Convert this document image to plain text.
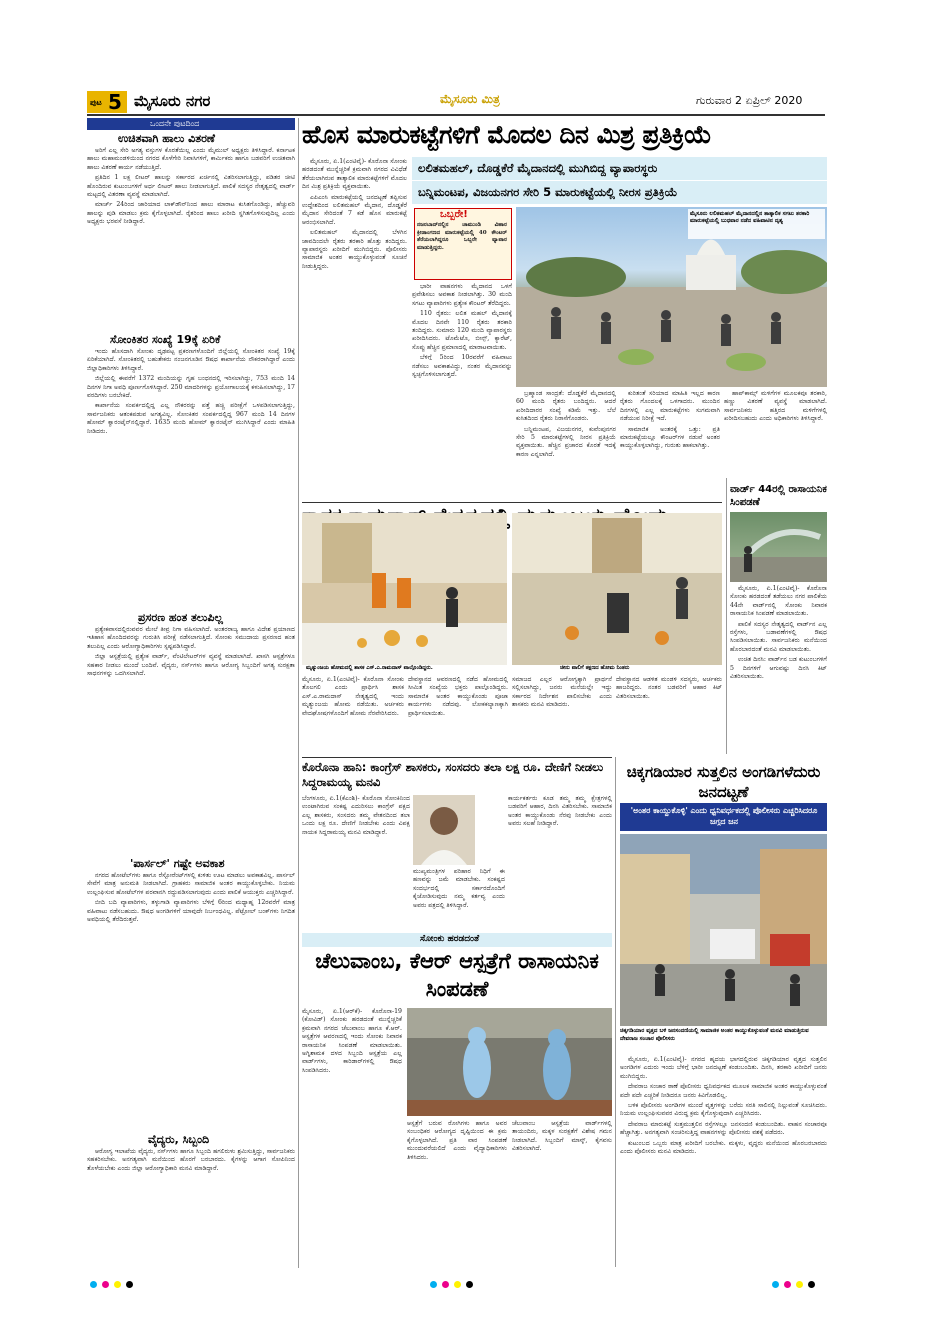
ಪುಟ 5 ಮೈಸೂರು ನಗರ	ಮೈಸೂರು ಮಿತ್ರ	ಗುರುವಾರ 2 ಏಪ್ರಿಲ್ 2020
ಒಂದನೇ ಪುಟದಿಂದ
ಉಚಿತವಾಗಿ ಹಾಲು ವಿತರಣೆ

ಅರಿಗೆ ಎಲ್ಲ ಸೇರಿ ಅಗತ್ಯ ವಸ್ತುಗಳ ಕೊರತೆಯಿಲ್ಲ ಎಂದು ಮೈಮುಲ್ ಅಧ್ಯಕ್ಷರು ತಿಳಿಸಿದ್ದಾರೆ. ಕರ್ನಾಟಕ ಹಾಲು ಮಹಾಮಂಡಳಿಯಿಂದ ನಗರದ ಕೊಳೆಗೇರಿ ನಿವಾಸಿಗಳಿಗೆ, ಕಾರ್ಮಿಕರು ಹಾಗೂ ಬಡವರಿಗೆ ಉಚಿತವಾಗಿ ಹಾಲು ವಿತರಣೆ ಕಾರ್ಯ ನಡೆಯುತ್ತಿದೆ.

ಪ್ರತಿದಿನ 1 ಲಕ್ಷ ಲೀಟರ್ ಹಾಲನ್ನು ಸರ್ಕಾರದ ಖರ್ಚಿನಲ್ಲಿ ವಿತರಿಸಲಾಗುತ್ತಿದ್ದು, ಪಡಿತರ ಚೀಟಿ ಹೊಂದಿರುವ ಕುಟುಂಬಗಳಿಗೆ ಅರ್ಧ ಲೀಟರ್ ಹಾಲು ನೀಡಲಾಗುತ್ತಿದೆ. ಪಾಲಿಕೆ ಸದಸ್ಯರ ನೇತೃತ್ವದಲ್ಲಿ ವಾರ್ಡ್ ಮಟ್ಟದಲ್ಲಿ ವಿತರಣಾ ವ್ಯವಸ್ಥೆ ಮಾಡಲಾಗಿದೆ.

ಮಾರ್ಚ್ 24ರಿಂದ ಜಾರಿಯಾದ ಲಾಕ್‌ಡೌನ್‌ನಿಂದ ಹಾಲು ಮಾರಾಟ ಕುಸಿತಗೊಂಡಿದ್ದು, ಹೆಚ್ಚುವರಿ ಹಾಲನ್ನು ಪುಡಿ ಮಾಡಲು ಕ್ರಮ ಕೈಗೊಳ್ಳಲಾಗಿದೆ. ರೈತರಿಂದ ಹಾಲು ಖರೀದಿ ಸ್ಥಗಿತಗೊಳಿಸುವುದಿಲ್ಲ ಎಂದು ಅಧ್ಯಕ್ಷರು ಭರವಸೆ ನೀಡಿದ್ದಾರೆ.

ಸೋಂಕಿತರ ಸಂಖ್ಯೆ 19ಕ್ಕೆ ಏರಿಕೆ

ಇಂದು ಹೊಸದಾಗಿ ಸೋಂಕು ದೃಢಪಟ್ಟ ಪ್ರಕರಣಗಳೊಂದಿಗೆ ಜಿಲ್ಲೆಯಲ್ಲಿ ಸೋಂಕಿತರ ಸಂಖ್ಯೆ 19ಕ್ಕೆ ಏರಿಕೆಯಾಗಿದೆ. ಸೋಂಕಿತರಲ್ಲಿ ಬಹುತೇಕರು ನಂಜನಗೂಡಿನ ಔಷಧ ಕಾರ್ಖಾನೆಯ ನೌಕರರಾಗಿದ್ದಾರೆ ಎಂದು ಜಿಲ್ಲಾಧಿಕಾರಿಗಳು ತಿಳಿಸಿದ್ದಾರೆ.

ಜಿಲ್ಲೆಯಲ್ಲಿ ಈವರೆಗೆ 1372 ಮಂದಿಯನ್ನು ಗೃಹ ಬಂಧನದಲ್ಲಿ ಇರಿಸಲಾಗಿದ್ದು, 753 ಮಂದಿ 14 ದಿನಗಳ ನಿಗಾ ಅವಧಿ ಪೂರ್ಣಗೊಳಿಸಿದ್ದಾರೆ. 250 ಮಾದರಿಗಳನ್ನು ಪ್ರಯೋಗಾಲಯಕ್ಕೆ ಕಳುಹಿಸಲಾಗಿದ್ದು, 17 ವರದಿಗಳು ಬರಬೇಕಿದೆ.

ಕಾರ್ಖಾನೆಯ ಸಂಪರ್ಕದಲ್ಲಿದ್ದ ಎಲ್ಲ ನೌಕರರನ್ನು ಪತ್ತೆ ಹಚ್ಚಿ ಪರೀಕ್ಷೆಗೆ ಒಳಪಡಿಸಲಾಗುತ್ತಿದ್ದು, ಸಾರ್ವಜನಿಕರು ಆತಂಕಪಡುವ ಅಗತ್ಯವಿಲ್ಲ. ಸೋಂಕಿತರ ಸಂಪರ್ಕದಲ್ಲಿದ್ದ 967 ಮಂದಿ 14 ದಿನಗಳ ಹೋಮ್ ಕ್ವಾರಂಟೈನ್‌ನಲ್ಲಿದ್ದಾರೆ. 1635 ಮಂದಿ ಹೋಮ್ ಕ್ವಾರಂಟೈನ್ ಮುಗಿಸಿದ್ದಾರೆ ಎಂದು ಮಾಹಿತಿ ನೀಡಿದರು.

ಪ್ರಸರಣ ಹಂತ ತಲುಪಿಲ್ಲ

ಪ್ರತ್ಯೇಕವಾಸದಲ್ಲಿರುವವರ ಮೇಲೆ ತೀವ್ರ ನಿಗಾ ವಹಿಸಲಾಗಿದೆ. ಅಂತರರಾಜ್ಯ ಹಾಗೂ ವಿದೇಶ ಪ್ರಯಾಣದ ಇತಿಹಾಸ ಹೊಂದಿದವರನ್ನು ಗುರುತಿಸಿ ಪರೀಕ್ಷೆ ನಡೆಸಲಾಗುತ್ತಿದೆ. ಸೋಂಕು ಸಮುದಾಯ ಪ್ರಸರಣದ ಹಂತ ತಲುಪಿಲ್ಲ ಎಂದು ಆರೋಗ್ಯಾಧಿಕಾರಿಗಳು ಸ್ಪಷ್ಟಪಡಿಸಿದ್ದಾರೆ.

ಜಿಲ್ಲಾ ಆಸ್ಪತ್ರೆಯಲ್ಲಿ ಪ್ರತ್ಯೇಕ ವಾರ್ಡ್, ವೆಂಟಿಲೇಟರ್‌ಗಳ ವ್ಯವಸ್ಥೆ ಮಾಡಲಾಗಿದೆ. ಖಾಸಗಿ ಆಸ್ಪತ್ರೆಗಳೂ ಸಹಕಾರ ನೀಡಲು ಮುಂದೆ ಬಂದಿವೆ. ವೈದ್ಯರು, ನರ್ಸ್‌ಗಳು ಹಾಗೂ ಆರೋಗ್ಯ ಸಿಬ್ಬಂದಿಗೆ ಅಗತ್ಯ ಸುರಕ್ಷತಾ ಸಾಧನಗಳನ್ನು ಒದಗಿಸಲಾಗಿದೆ.

'ಪಾರ್ಸಲ್' ಗಷ್ಟೇ ಅವಕಾಶ

ನಗರದ ಹೋಟೆಲ್‌ಗಳು ಹಾಗೂ ರೆಸ್ಟೋರೆಂಟ್‌ಗಳಲ್ಲಿ ಕುಳಿತು ಊಟ ಮಾಡಲು ಅವಕಾಶವಿಲ್ಲ. ಪಾರ್ಸಲ್ ಸೇವೆಗೆ ಮಾತ್ರ ಅನುಮತಿ ನೀಡಲಾಗಿದೆ. ಗ್ರಾಹಕರು ಸಾಮಾಜಿಕ ಅಂತರ ಕಾಯ್ದುಕೊಳ್ಳಬೇಕು. ನಿಯಮ ಉಲ್ಲಂಘಿಸುವ ಹೋಟೆಲ್‌ಗಳ ಪರವಾನಗಿ ರದ್ದುಪಡಿಸಲಾಗುವುದು ಎಂದು ಪಾಲಿಕೆ ಆಯುಕ್ತರು ಎಚ್ಚರಿಸಿದ್ದಾರೆ.

ಬೀದಿ ಬದಿ ವ್ಯಾಪಾರಿಗಳು, ತಳ್ಳುಗಾಡಿ ವ್ಯಾಪಾರಿಗಳು ಬೆಳಿಗ್ಗೆ 6ರಿಂದ ಮಧ್ಯಾಹ್ನ 12ರವರೆಗೆ ಮಾತ್ರ ವಹಿವಾಟು ನಡೆಸಬಹುದು. ಔಷಧ ಅಂಗಡಿಗಳಿಗೆ ಯಾವುದೇ ನಿರ್ಬಂಧವಿಲ್ಲ. ಪೆಟ್ರೋಲ್ ಬಂಕ್‌ಗಳು ನಿಗದಿತ ಅವಧಿಯಲ್ಲಿ ತೆರೆದಿರುತ್ತವೆ.

ವೈದ್ಯರು, ಸಿಬ್ಬಂದಿ

ಆರೋಗ್ಯ ಇಲಾಖೆಯ ವೈದ್ಯರು, ನರ್ಸ್‌ಗಳು ಹಾಗೂ ಸಿಬ್ಬಂದಿ ಹಗಲಿರುಳು ಶ್ರಮಿಸುತ್ತಿದ್ದು, ಸಾರ್ವಜನಿಕರು ಸಹಕರಿಸಬೇಕು. ಅನಗತ್ಯವಾಗಿ ಮನೆಯಿಂದ ಹೊರಗೆ ಬರಬಾರದು. ಕೈಗಳನ್ನು ಆಗಾಗ ಸೋಪಿನಿಂದ ತೊಳೆಯಬೇಕು ಎಂದು ಜಿಲ್ಲಾ ಆರೋಗ್ಯಾಧಿಕಾರಿ ಮನವಿ ಮಾಡಿದ್ದಾರೆ.

ಹೊಸ ಮಾರುಕಟ್ಟೆಗಳಿಗೆ ಮೊದಲ ದಿನ ಮಿಶ್ರ ಪ್ರತಿಕ್ರಿಯೆ
ಲಲಿತಮಹಲ್, ದೊಡ್ಡಕೆರೆ ಮೈದಾನದಲ್ಲಿ ಮುಗಿಬಿದ್ದ ವ್ಯಾಪಾರಸ್ಥರು
ಬನ್ನಿಮಂಟಪ, ವಿಜಯನಗರ ಸೇರಿ 5 ಮಾರುಕಟ್ಟೆಯಲ್ಲಿ ನೀರಸ ಪ್ರತಿಕ್ರಿಯೆ

ಮೈಸೂರು, ಏ.1(ಎಂಟಿವೈ)- ಕೊರೊನಾ ಸೋಂಕು ಹರಡದಂತೆ ಮುನ್ನೆಚ್ಚರಿಕೆ ಕ್ರಮವಾಗಿ ನಗರದ ವಿವಿಧೆಡೆ ತೆರೆಯಲಾಗಿರುವ ತಾತ್ಕಾಲಿಕ ಮಾರುಕಟ್ಟೆಗಳಿಗೆ ಮೊದಲ ದಿನ ಮಿಶ್ರ ಪ್ರತಿಕ್ರಿಯೆ ವ್ಯಕ್ತವಾಯಿತು.

ಎಪಿಎಂಸಿ ಮಾರುಕಟ್ಟೆಯಲ್ಲಿ ಜನದಟ್ಟಣೆ ತಪ್ಪಿಸುವ ಉದ್ದೇಶದಿಂದ ಲಲಿತಮಹಲ್ ಮೈದಾನ, ದೊಡ್ಡಕೆರೆ ಮೈದಾನ ಸೇರಿದಂತೆ 7 ಕಡೆ ಹೊಸ ಮಾರುಕಟ್ಟೆ ಆರಂಭಿಸಲಾಗಿದೆ.

ಲಲಿತಮಹಲ್ ಮೈದಾನದಲ್ಲಿ ಬೆಳಗಿನ ಜಾವದಿಂದಲೇ ರೈತರು ತರಕಾರಿ ಹೊತ್ತು ತಂದಿದ್ದರು. ವ್ಯಾಪಾರಸ್ಥರು ಖರೀದಿಗೆ ಮುಗಿಬಿದ್ದರು. ಪೊಲೀಸರು ಸಾಮಾಜಿಕ ಅಂತರ ಕಾಯ್ದುಕೊಳ್ಳುವಂತೆ ಸೂಚನೆ ನೀಡುತ್ತಿದ್ದರು.

ಒಬ್ಬರೇ!
ನಜರಬಾದ್‌ನಲ್ಲಿನ ಚಾಮುಂಡಿ ವಿಹಾರ ಕ್ರೀಡಾಂಗಣದ ಮಾರುಕಟ್ಟೆಯಲ್ಲಿ 40 ಕೌಂಟರ್ ತೆರೆಯಲಾಗಿದ್ದರೂ ಒಬ್ಬರೇ ವ್ಯಾಪಾರ ಮಾಡುತ್ತಿದ್ದರು.

ಭಾರೀ ವಾಹನಗಳು ಮೈದಾನದ ಒಳಗೆ ಪ್ರವೇಶಿಸಲು ಅವಕಾಶ ನೀಡಲಾಗಿತ್ತು. 30 ಮಂದಿ ಸಗಟು ವ್ಯಾಪಾರಿಗಳು ಪ್ರತ್ಯೇಕ ಕೌಂಟರ್ ತೆರೆದಿದ್ದರು.

110 ರೈತರು: ಲಲಿತ ಮಹಲ್ ಮೈದಾನಕ್ಕೆ ಮೊದಲ ದಿನವೇ 110 ರೈತರು ತರಕಾರಿ ತಂದಿದ್ದರು. ಸುಮಾರು 120 ಮಂದಿ ವ್ಯಾಪಾರಸ್ಥರು ಖರೀದಿಸಿದರು. ಟೊಮೆಟೊ, ಬೀನ್ಸ್, ಕ್ಯಾರೆಟ್, ಸೊಪ್ಪು ಹೆಚ್ಚಿನ ಪ್ರಮಾಣದಲ್ಲಿ ಮಾರಾಟವಾಯಿತು.

ಬೆಳಿಗ್ಗೆ 5ರಿಂದ 10ರವರೆಗೆ ವಹಿವಾಟು ನಡೆಸಲು ಅವಕಾಶವಿದ್ದು, ನಂತರ ಮೈದಾನವನ್ನು ಸ್ವಚ್ಛಗೊಳಿಸಲಾಗುತ್ತದೆ.

ಮೈಸೂರು ಲಲಿತಮಹಲ್ ಮೈದಾನದಲ್ಲಿನ ತಾತ್ಕಾಲಿಕ ಸಗಟು ತರಕಾರಿ ಮಾರುಕಟ್ಟೆಯಲ್ಲಿ ಬುಧವಾರ ನಡೆದ ವಹಿವಾಟಿನ ದೃಶ್ಯ

ಬ್ರಹ್ಮಾಂಡ ಸಾಂದ್ರತೆ: ದೊಡ್ಡಕೆರೆ ಮೈದಾನದಲ್ಲಿ 60 ಮಂದಿ ರೈತರು ಬಂದಿದ್ದರು. ಆದರೆ ಖರೀದಿದಾರರ ಸಂಖ್ಯೆ ಕಡಿಮೆ ಇತ್ತು. ಬೆಲೆ ಕುಸಿತದಿಂದ ರೈತರು ನಿರಾಸೆಗೊಂಡರು.

ಬನ್ನಿಮಂಟಪ, ವಿಜಯನಗರ, ಕುವೆಂಪುನಗರ ಸೇರಿ 5 ಮಾರುಕಟ್ಟೆಗಳಲ್ಲಿ ನೀರಸ ಪ್ರತಿಕ್ರಿಯೆ ವ್ಯಕ್ತವಾಯಿತು. ಹೆಚ್ಚಿನ ಪ್ರಚಾರದ ಕೊರತೆ ಇದಕ್ಕೆ ಕಾರಣ ಎನ್ನಲಾಗಿದೆ.

ಕುರಿತಂತೆ ಸರಿಯಾದ ಮಾಹಿತಿ ಇಲ್ಲದ ಕಾರಣ ರೈತರು ಗೊಂದಲಕ್ಕೆ ಒಳಗಾದರು. ಮುಂದಿನ ದಿನಗಳಲ್ಲಿ ಎಲ್ಲ ಮಾರುಕಟ್ಟೆಗಳು ಸುಗಮವಾಗಿ ನಡೆಯುವ ನಿರೀಕ್ಷೆ ಇದೆ.

ಸಾಮಾಜಿಕ ಅಂತರಕ್ಕೆ ಒತ್ತು: ಪ್ರತಿ ಮಾರುಕಟ್ಟೆಯಲ್ಲೂ ಕೌಂಟರ್‌ಗಳ ನಡುವೆ ಅಂತರ ಕಾಯ್ದುಕೊಳ್ಳಲಾಗಿದ್ದು, ಗುರುತು ಹಾಕಲಾಗಿತ್ತು.

ಹಾಪ್‌ಕಾಮ್ಸ್ ಮಳಿಗೆಗಳ ಮೂಲಕವೂ ತರಕಾರಿ, ಹಣ್ಣು ವಿತರಣೆ ವ್ಯವಸ್ಥೆ ಮಾಡಲಾಗಿದೆ. ಸಾರ್ವಜನಿಕರು ಹತ್ತಿರದ ಮಳಿಗೆಗಳಲ್ಲಿ ಖರೀದಿಸಬಹುದು ಎಂದು ಅಧಿಕಾರಿಗಳು ತಿಳಿಸಿದ್ದಾರೆ.

ಮೃತ್ಯುಂಜಯ ಹೋಮದಲ್ಲಿ ಶಾಸಕ ಎಸ್.ಎ.ರಾಮದಾಸ್ ಪಾಲ್ಗೊಂಡಿದ್ದರು.	ಚೀನು ಪಾಲಿಗೆ ತಕ್ಷಣದ ಹೋಮ ನಿಂತರು
ಮೈಸೂರು, ಏ.1(ಎಂಟಿವೈ)- ಕೊರೊನಾ ಸೋಂಕು ತೊಲಗಲಿ ಎಂದು ಪ್ರಾರ್ಥಿಸಿ ಶಾಸಕ ಎಸ್.ಎ.ರಾಮದಾಸ್ ನೇತೃತ್ವದಲ್ಲಿ ಇಂದು ಮೃತ್ಯುಂಜಯ ಹೋಮ ನಡೆಯಿತು. ಅರ್ಚಕರು ವೇದಘೋಷಗಳೊಂದಿಗೆ ಹೋಮ ನೆರವೇರಿಸಿದರು.
ದೇವಸ್ಥಾನದ ಆವರಣದಲ್ಲಿ ನಡೆದ ಹೋಮದಲ್ಲಿ ಸೀಮಿತ ಸಂಖ್ಯೆಯ ಭಕ್ತರು ಪಾಲ್ಗೊಂಡಿದ್ದರು. ಸಾಮಾಜಿಕ ಅಂತರ ಕಾಯ್ದುಕೊಂಡು ಪೂಜಾ ಕಾರ್ಯಗಳು ನಡೆದವು. ಲೋಕಕಲ್ಯಾಣಕ್ಕಾಗಿ ಪ್ರಾರ್ಥಿಸಲಾಯಿತು.
ಸಮಾಜದ ಎಲ್ಲರ ಆರೋಗ್ಯಕ್ಕಾಗಿ ಪ್ರಾರ್ಥನೆ ಸಲ್ಲಿಸಲಾಗಿದ್ದು, ಜನರು ಮನೆಯಲ್ಲೇ ಇದ್ದು ಸರ್ಕಾರದ ನಿರ್ದೇಶನ ಪಾಲಿಸಬೇಕು ಎಂದು ಶಾಸಕರು ಮನವಿ ಮಾಡಿದರು.
ದೇವಸ್ಥಾನದ ಆಡಳಿತ ಮಂಡಳಿ ಸದಸ್ಯರು, ಅರ್ಚಕರು ಹಾಜರಿದ್ದರು. ನಂತರ ಬಡವರಿಗೆ ಆಹಾರ ಕಿಟ್ ವಿತರಿಸಲಾಯಿತು.
ವಾರ್ಡ್ 44ರಲ್ಲಿ ರಾಸಾಯನಿಕ ಸಿಂಪಡಣೆ

ಮೈಸೂರು, ಏ.1(ಎಂಟಿವೈ)- ಕೊರೊನಾ ಸೋಂಕು ಹರಡದಂತೆ ತಡೆಯಲು ನಗರ ಪಾಲಿಕೆಯ 44ನೇ ವಾರ್ಡ್‌ನಲ್ಲಿ ಸೋಂಕು ನಿವಾರಕ ರಾಸಾಯನಿಕ ಸಿಂಪಡಣೆ ಮಾಡಲಾಯಿತು.

ಪಾಲಿಕೆ ಸದಸ್ಯರ ನೇತೃತ್ವದಲ್ಲಿ ವಾರ್ಡ್‌ನ ಎಲ್ಲ ರಸ್ತೆಗಳು, ಬಡಾವಣೆಗಳಲ್ಲಿ ಔಷಧ ಸಿಂಪಡಿಸಲಾಯಿತು. ಸಾರ್ವಜನಿಕರು ಮನೆಯಿಂದ ಹೊರಬಾರದಂತೆ ಮನವಿ ಮಾಡಲಾಯಿತು.

ಉಚಿತ ದಿನಸಿ: ವಾರ್ಡ್‌ನ ಬಡ ಕುಟುಂಬಗಳಿಗೆ 5 ದಿನಗಳಿಗೆ ಆಗುವಷ್ಟು ದಿನಸಿ ಕಿಟ್ ವಿತರಿಸಲಾಯಿತು.

ಕೊರೊನಾ ಹಾನಿ: ಕಾಂಗ್ರೆಸ್ ಶಾಸಕರು, ಸಂಸದರು ತಲಾ ಲಕ್ಷ ರೂ. ದೇಣಿಗೆ ನೀಡಲು ಸಿದ್ದರಾಮಯ್ಯ ಮನವಿ
ಬೆಂಗಳೂರು, ಏ.1(ಕೆಎಂಶಿ)- ಕೊರೊನಾ ಸೋಂಕಿನಿಂದ ಉಂಟಾಗಿರುವ ಸಂಕಷ್ಟ ಎದುರಿಸಲು ಕಾಂಗ್ರೆಸ್ ಪಕ್ಷದ ಎಲ್ಲ ಶಾಸಕರು, ಸಂಸದರು ತಮ್ಮ ವೇತನದಿಂದ ತಲಾ ಒಂದು ಲಕ್ಷ ರೂ. ದೇಣಿಗೆ ನೀಡಬೇಕು ಎಂದು ವಿಪಕ್ಷ ನಾಯಕ ಸಿದ್ದರಾಮಯ್ಯ ಮನವಿ ಮಾಡಿದ್ದಾರೆ.
ಮುಖ್ಯಮಂತ್ರಿಗಳ ಪರಿಹಾರ ನಿಧಿಗೆ ಈ ಹಣವನ್ನು ಜಮೆ ಮಾಡಬೇಕು. ಸಂಕಷ್ಟದ ಸಂದರ್ಭದಲ್ಲಿ ಸರ್ಕಾರದೊಂದಿಗೆ ಕೈಜೋಡಿಸುವುದು ನಮ್ಮ ಕರ್ತವ್ಯ ಎಂದು ಅವರು ಪತ್ರದಲ್ಲಿ ತಿಳಿಸಿದ್ದಾರೆ.
ಕಾರ್ಯಕರ್ತರು ಕೂಡ ತಮ್ಮ ತಮ್ಮ ಕ್ಷೇತ್ರಗಳಲ್ಲಿ ಬಡವರಿಗೆ ಆಹಾರ, ದಿನಸಿ ವಿತರಿಸಬೇಕು. ಸಾಮಾಜಿಕ ಅಂತರ ಕಾಯ್ದುಕೊಂಡು ನೆರವು ನೀಡಬೇಕು ಎಂದು ಅವರು ಸಲಹೆ ನೀಡಿದ್ದಾರೆ.
ಸೋಂಕು ಹರಡದಂತೆ
ಚೆಲುವಾಂಬ, ಕೆಆರ್ ಆಸ್ಪತ್ರೆಗೆ ರಾಸಾಯನಿಕ ಸಿಂಪಡಣೆ
ಮೈಸೂರು, ಏ.1(ಆರ್‌ಕೆ)- ಕೊರೊನಾ-19 (ಕೋವಿಡ್) ಸೋಂಕು ಹರಡದಂತೆ ಮುನ್ನೆಚ್ಚರಿಕೆ ಕ್ರಮವಾಗಿ ನಗರದ ಚೆಲುವಾಂಬ ಹಾಗೂ ಕೆ.ಆರ್. ಆಸ್ಪತ್ರೆಗಳ ಆವರಣದಲ್ಲಿ ಇಂದು ಸೋಂಕು ನಿವಾರಕ ರಾಸಾಯನಿಕ ಸಿಂಪಡಣೆ ಮಾಡಲಾಯಿತು. ಅಗ್ನಿಶಾಮಕ ದಳದ ಸಿಬ್ಬಂದಿ ಆಸ್ಪತ್ರೆಯ ಎಲ್ಲ ವಾರ್ಡ್‌ಗಳು, ಕಾರಿಡಾರ್‌ಗಳಲ್ಲಿ ಔಷಧ ಸಿಂಪಡಿಸಿದರು.
ಆಸ್ಪತ್ರೆಗೆ ಬರುವ ರೋಗಿಗಳು ಹಾಗೂ ಅವರ ಸಂಬಂಧಿಕರ ಆರೋಗ್ಯದ ದೃಷ್ಟಿಯಿಂದ ಈ ಕ್ರಮ ಕೈಗೊಳ್ಳಲಾಗಿದೆ. ಪ್ರತಿ ವಾರ ಸಿಂಪಡಣೆ ಮುಂದುವರೆಯಲಿದೆ ಎಂದು ವೈದ್ಯಾಧಿಕಾರಿಗಳು ತಿಳಿಸಿದರು.
ಚೆಲುವಾಂಬ ಆಸ್ಪತ್ರೆಯ ವಾರ್ಡ್‌ಗಳಲ್ಲಿ ತಾಯಂದಿರು, ಮಕ್ಕಳ ಸುರಕ್ಷತೆಗೆ ವಿಶೇಷ ಗಮನ ನೀಡಲಾಗಿದೆ. ಸಿಬ್ಬಂದಿಗೆ ಮಾಸ್ಕ್, ಕೈಗವಸು ವಿತರಿಸಲಾಗಿದೆ.
ಚಿಕ್ಕಗಡಿಯಾರ ಸುತ್ತಲಿನ ಅಂಗಡಿಗಳೆದುರು ಜನದಟ್ಟಣೆ
'ಅಂತರ ಕಾಯ್ದುಕೊಳ್ಳಿ' ಎಂದು ಧ್ವನಿವರ್ಧಕದಲ್ಲಿ ಪೊಲೀಸರು ಎಚ್ಚರಿಸಿದರೂ ಜಗ್ಗದ ಜನ
ಚಿಕ್ಕಗಡಿಯಾರ ವೃತ್ತದ ಬಳಿ ಜನಸಂದಣಿಯಲ್ಲಿ ಸಾಮಾಜಿಕ ಅಂತರ ಕಾಯ್ದುಕೊಳ್ಳುವಂತೆ ಮನವಿ ಮಾಡುತ್ತಿರುವ ದೇವರಾಜ ಸಂಚಾರ ಪೊಲೀಸರು

ಮೈಸೂರು, ಏ.1(ಎಂಟಿವೈ)- ನಗರದ ಹೃದಯ ಭಾಗದಲ್ಲಿರುವ ಚಿಕ್ಕಗಡಿಯಾರ ವೃತ್ತದ ಸುತ್ತಲಿನ ಅಂಗಡಿಗಳ ಎದುರು ಇಂದು ಬೆಳಿಗ್ಗೆ ಭಾರೀ ಜನದಟ್ಟಣೆ ಕಂಡುಬಂದಿತು. ದಿನಸಿ, ತರಕಾರಿ ಖರೀದಿಗೆ ಜನರು ಮುಗಿಬಿದ್ದರು.

ದೇವರಾಜ ಸಂಚಾರ ಠಾಣೆ ಪೊಲೀಸರು ಧ್ವನಿವರ್ಧಕದ ಮೂಲಕ ಸಾಮಾಜಿಕ ಅಂತರ ಕಾಯ್ದುಕೊಳ್ಳುವಂತೆ ಪದೇ ಪದೇ ಎಚ್ಚರಿಕೆ ನೀಡಿದರೂ ಜನರು ಕಿವಿಗೊಡಲಿಲ್ಲ.

ಬಳಿಕ ಪೊಲೀಸರು ಅಂಗಡಿಗಳ ಮುಂದೆ ವೃತ್ತಗಳನ್ನು ಬರೆದು ಸರತಿ ಸಾಲಿನಲ್ಲಿ ನಿಲ್ಲುವಂತೆ ಸೂಚಿಸಿದರು. ನಿಯಮ ಉಲ್ಲಂಘಿಸುವವರ ವಿರುದ್ಧ ಕ್ರಮ ಕೈಗೊಳ್ಳುವುದಾಗಿ ಎಚ್ಚರಿಸಿದರು.

ದೇವರಾಜ ಮಾರುಕಟ್ಟೆ ಸುತ್ತಮುತ್ತಲಿನ ರಸ್ತೆಗಳಲ್ಲೂ ಜನಸಂದಣಿ ಕಂಡುಬಂದಿತು. ವಾಹನ ಸಂಚಾರವೂ ಹೆಚ್ಚಾಗಿತ್ತು. ಅನಗತ್ಯವಾಗಿ ಸಂಚರಿಸುತ್ತಿದ್ದ ವಾಹನಗಳನ್ನು ಪೊಲೀಸರು ವಶಕ್ಕೆ ಪಡೆದರು.

ಕುಟುಂಬದ ಒಬ್ಬರು ಮಾತ್ರ ಖರೀದಿಗೆ ಬರಬೇಕು. ಮಕ್ಕಳು, ವೃದ್ಧರು ಮನೆಯಿಂದ ಹೊರಬರಬಾರದು ಎಂದು ಪೊಲೀಸರು ಮನವಿ ಮಾಡಿದರು.
